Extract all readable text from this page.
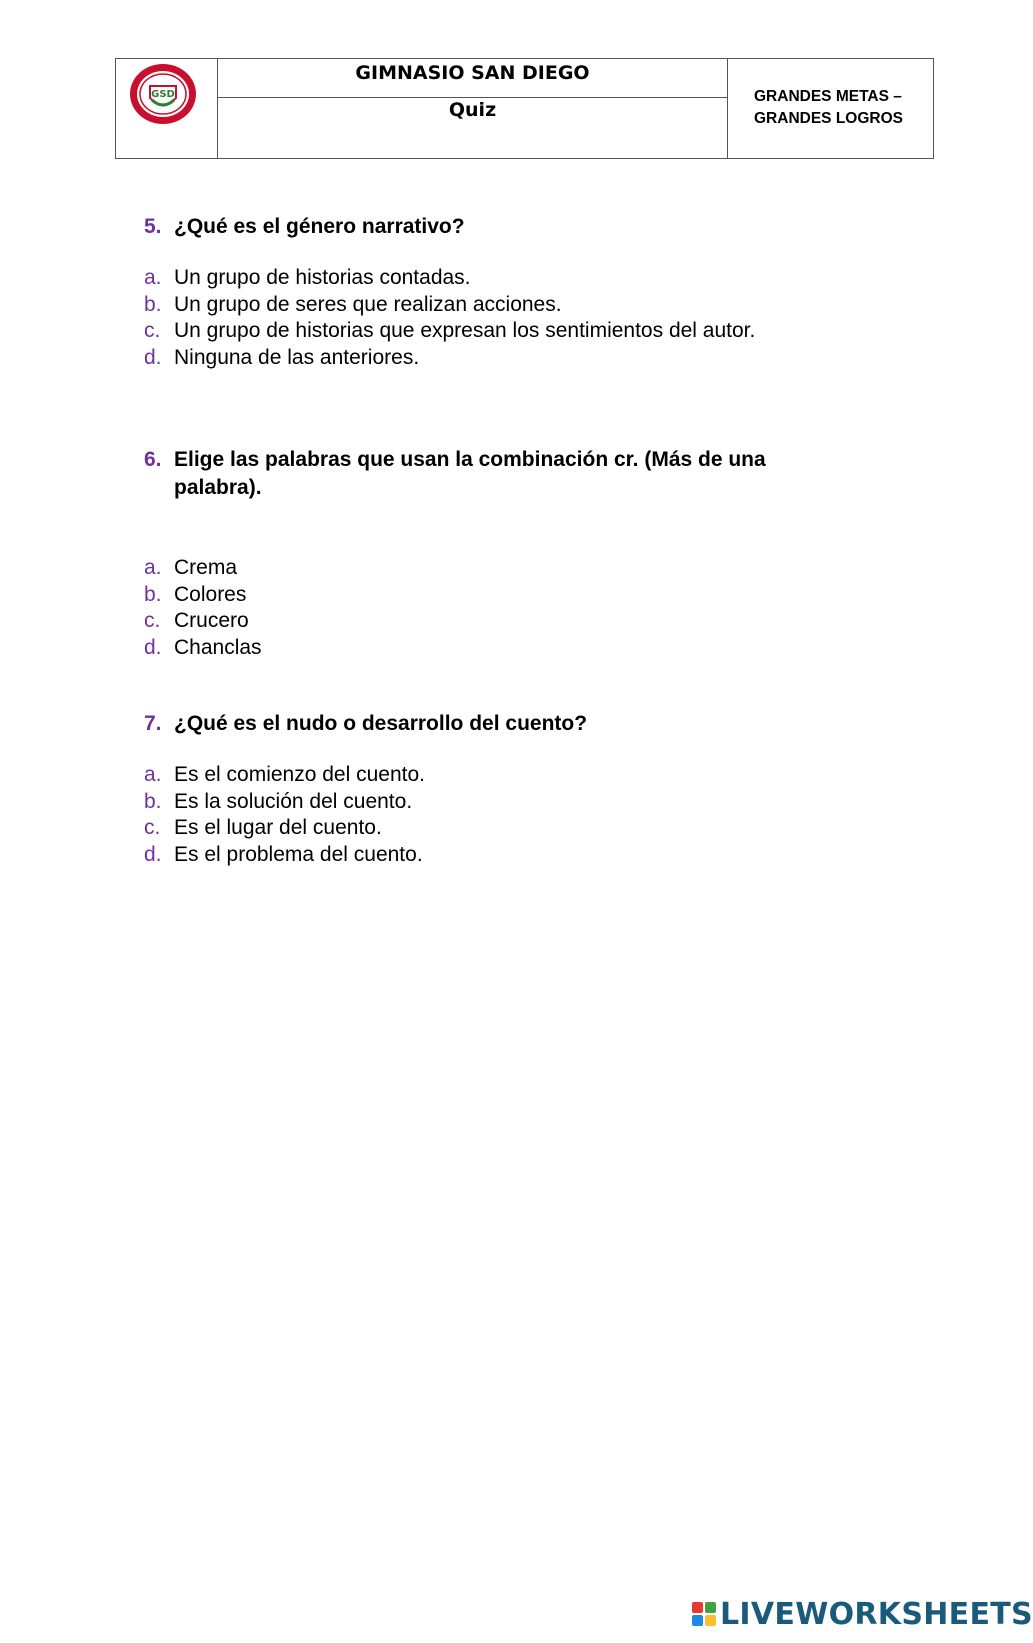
GSD
GIMNASIO SAN DIEGO
Quiz
GRANDES METAS –
GRANDES LOGROS
5. ¿Qué es el género narrativo?
a. Un grupo de historias contadas.
b. Un grupo de seres que realizan acciones.
c. Un grupo de historias que expresan los sentimientos del autor.
d. Ninguna de las anteriores.
6. Elige las palabras que usan la combinación cr. (Más de una palabra).
a. Crema
b. Colores
c. Crucero
d. Chanclas
7. ¿Qué es el nudo o desarrollo del cuento?
a. Es el comienzo del cuento.
b. Es la solución del cuento.
c. Es el lugar del cuento.
d. Es el problema del cuento.
LIVEWORKSHEETS
